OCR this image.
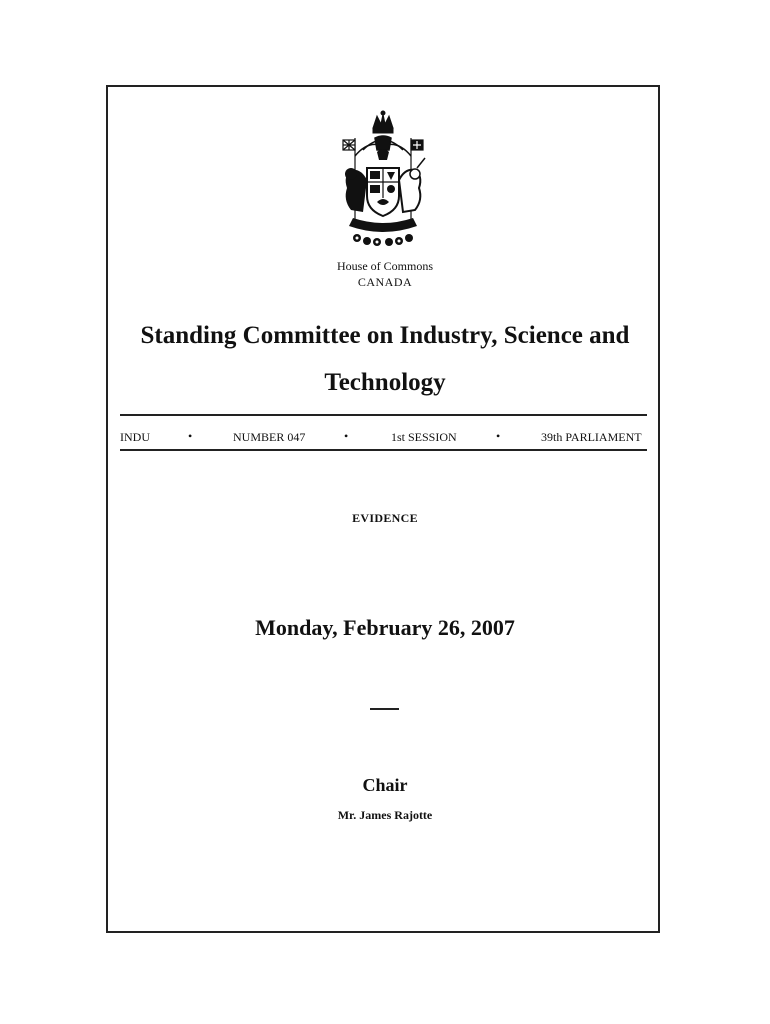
House of Commons
CANADA
Standing Committee on Industry, Science and Technology
INDU	•	NUMBER 047	•	1st SESSION	•	39th PARLIAMENT
EVIDENCE
Monday, February 26, 2007
Chair
Mr. James Rajotte
